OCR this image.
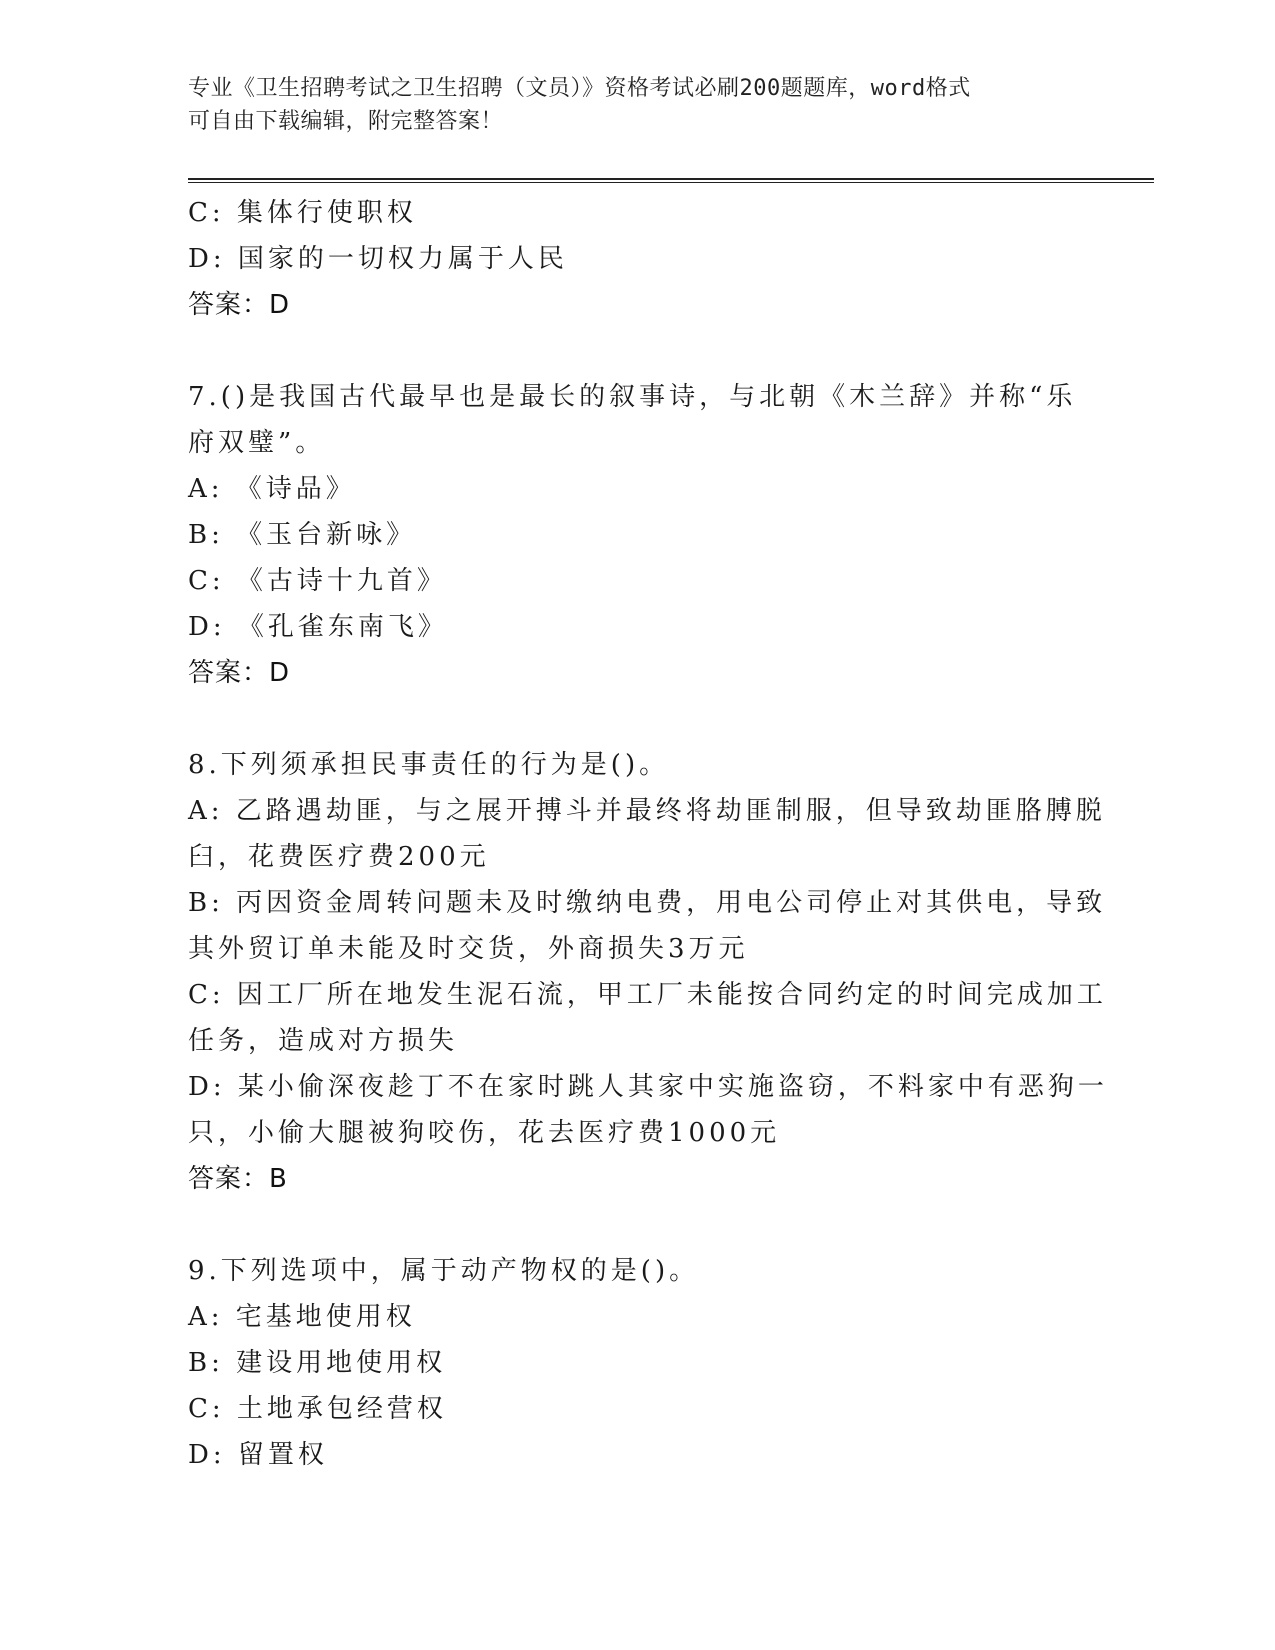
专业《卫生招聘考试之卫生招聘（文员）》资格考试必刷200题题库，word格式
可自由下载编辑，附完整答案！
C: 集体行使职权
D: 国家的一切权力属于人民
答案：D
7.()是我国古代最早也是最长的叙事诗，与北朝《木兰辞》并称“乐
府双璧”。
A: 《诗品》
B: 《玉台新咏》
C: 《古诗十九首》
D: 《孔雀东南飞》
答案：D
8.下列须承担民事责任的行为是()。
A: 乙路遇劫匪，与之展开搏斗并最终将劫匪制服，但导致劫匪胳膊脱
臼，花费医疗费200元
B: 丙因资金周转问题未及时缴纳电费，用电公司停止对其供电，导致
其外贸订单未能及时交货，外商损失3万元
C: 因工厂所在地发生泥石流，甲工厂未能按合同约定的时间完成加工
任务，造成对方损失
D: 某小偷深夜趁丁不在家时跳人其家中实施盗窃，不料家中有恶狗一
只，小偷大腿被狗咬伤，花去医疗费1000元
答案：B
9.下列选项中，属于动产物权的是()。
A: 宅基地使用权
B: 建设用地使用权
C: 土地承包经营权
D: 留置权
